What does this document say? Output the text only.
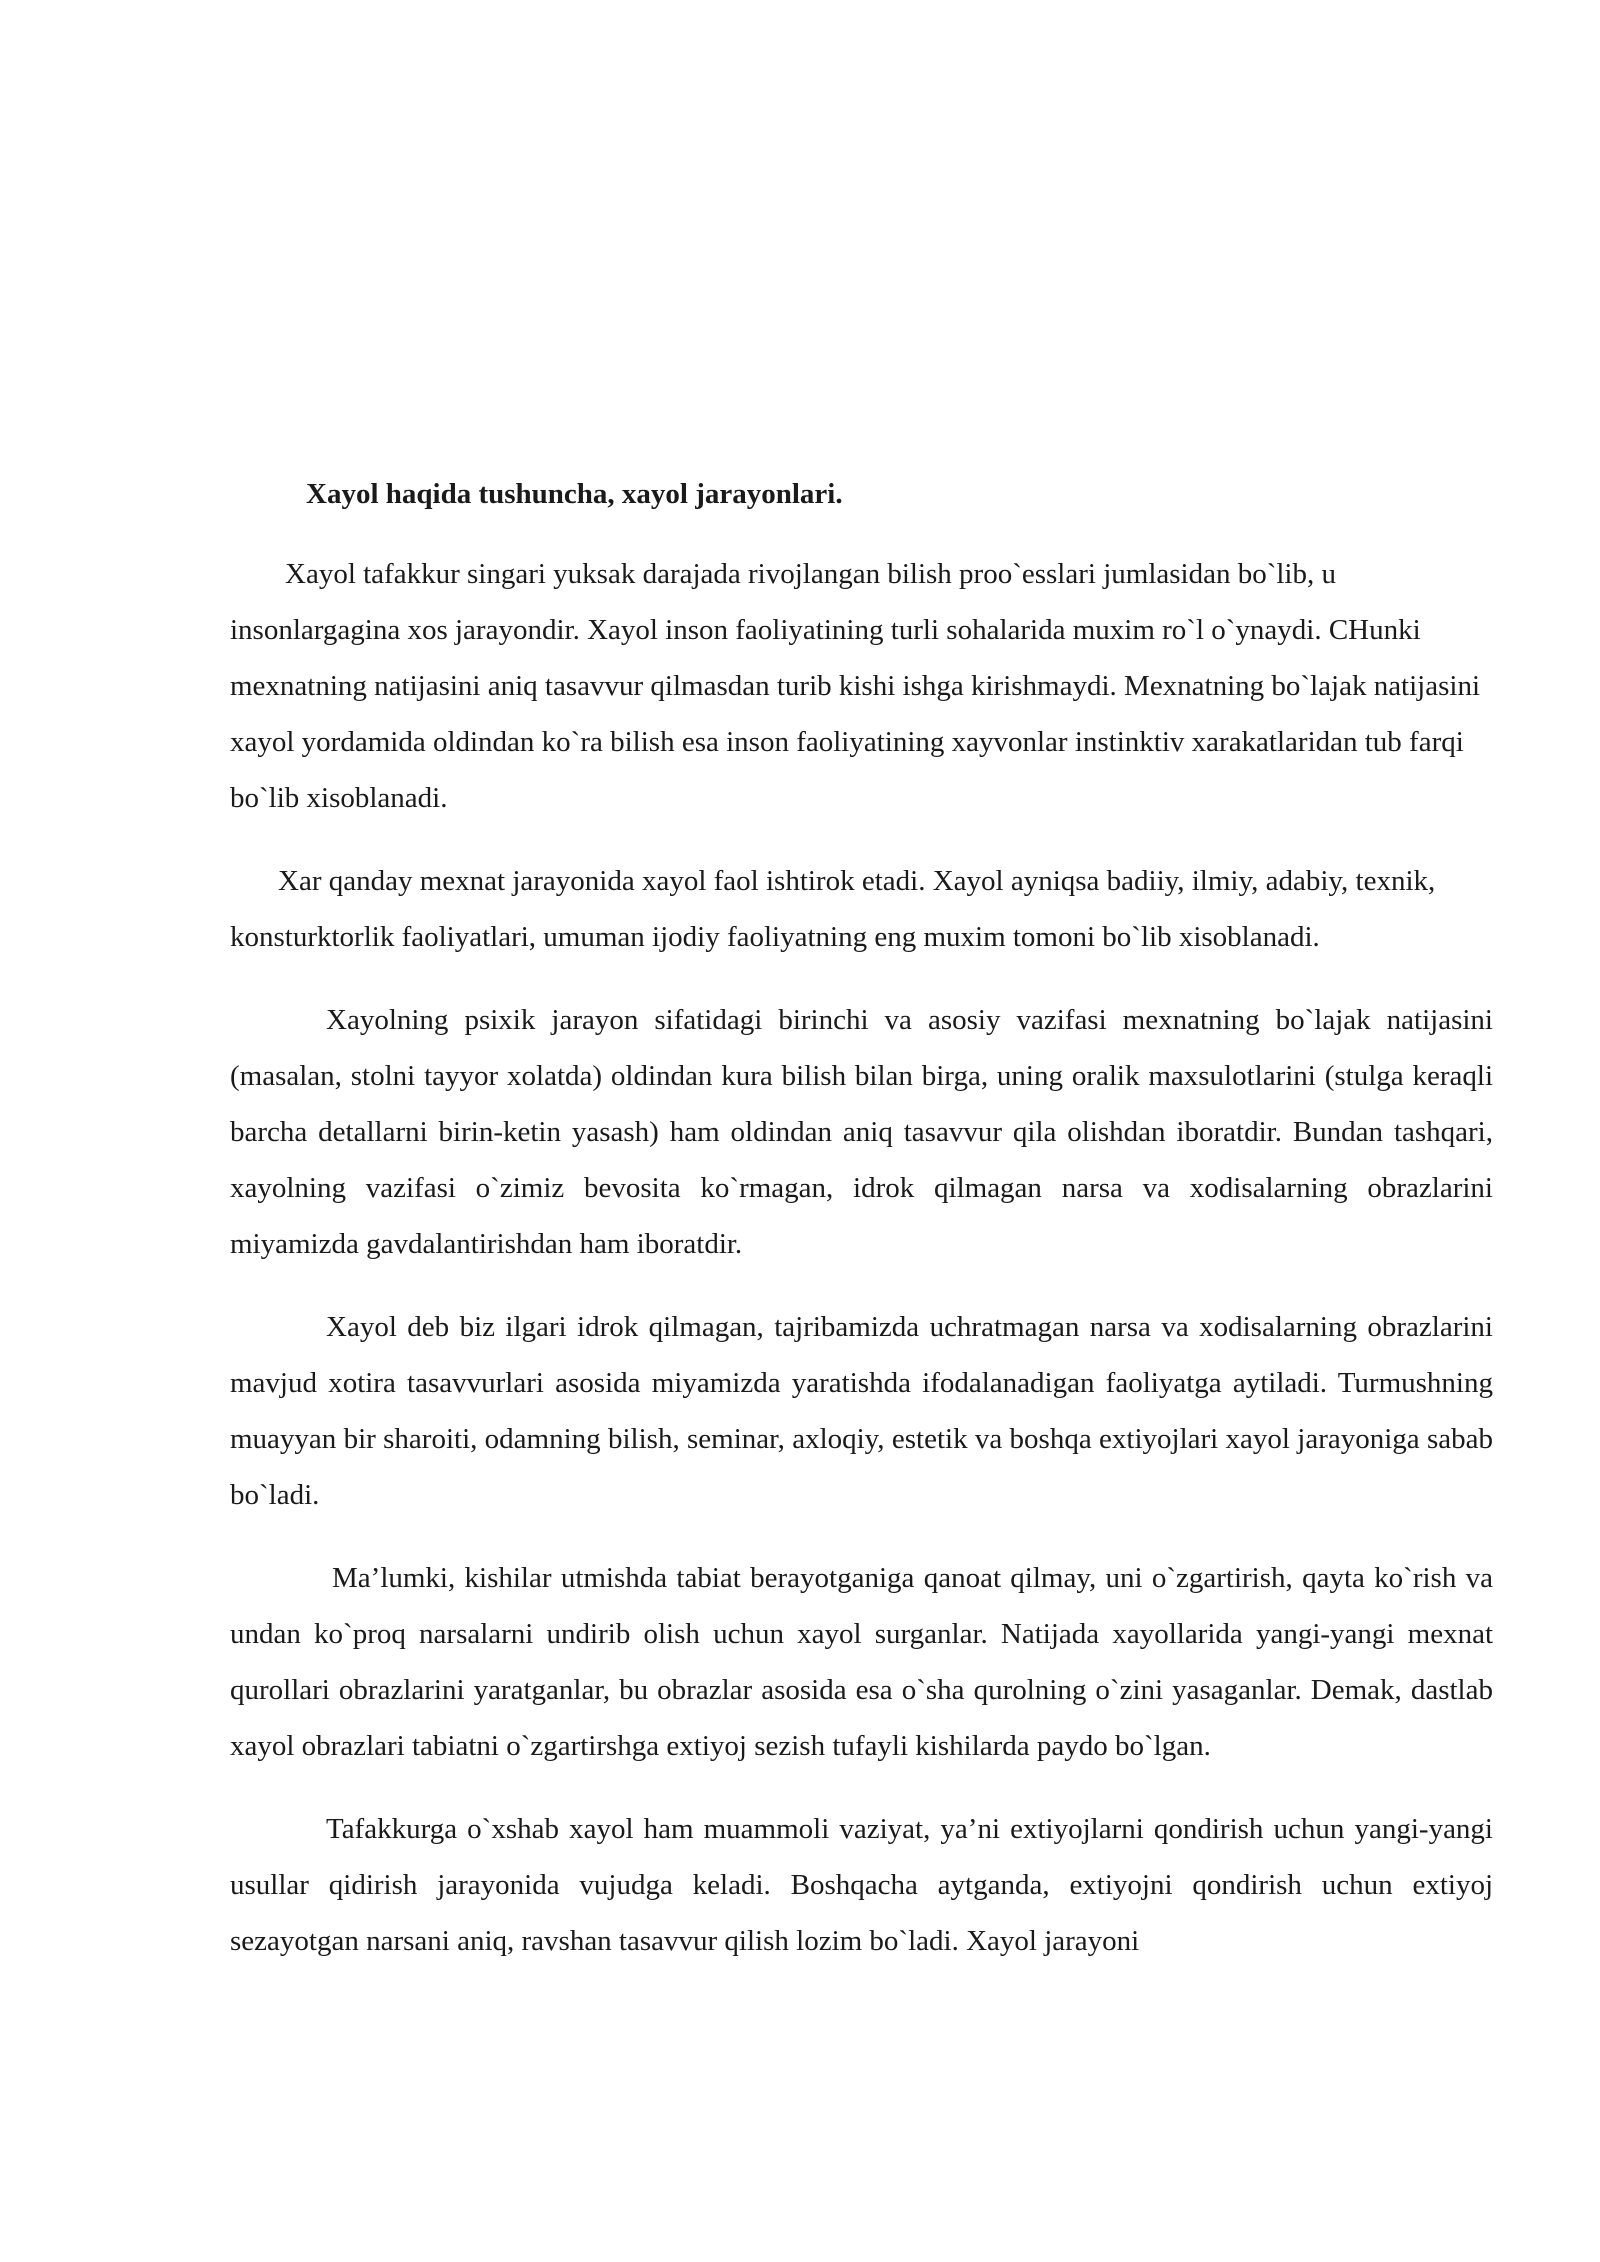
Xayol haqida tushuncha, xayol jarayonlari.

Xayol tafakkur singari yuksak darajada rivojlangan bilish proo`esslari jumlasidan bo`lib, u insonlargagina xos jarayondir. Xayol inson faoliyatining turli sohalarida muxim ro`l o`ynaydi. CHunki mexnatning natijasini aniq tasavvur qilmasdan turib kishi ishga kirishmaydi. Mexnatning bo`lajak natijasini xayol yordamida oldindan ko`ra bilish esa inson faoliyatining xayvonlar instinktiv xarakatlaridan tub farqi bo`lib xisoblanadi.

Xar qanday mexnat jarayonida xayol faol ishtirok etadi. Xayol ayniqsa badiiy, ilmiy, adabiy, texnik, konsturktorlik faoliyatlari, umuman ijodiy faoliyatning eng muxim tomoni bo`lib xisoblanadi.

Xayolning psixik jarayon sifatidagi birinchi va asosiy vazifasi mexnatning bo`lajak natijasini (masalan, stolni tayyor xolatda) oldindan kura bilish bilan birga, uning oralik maxsulotlarini (stulga keraqli barcha detallarni birin-ketin yasash) ham oldindan aniq tasavvur qila olishdan iboratdir. Bundan tashqari, xayolning vazifasi o`zimiz bevosita ko`rmagan, idrok qilmagan narsa va xodisalarning obrazlarini miyamizda gavdalantirishdan ham iboratdir.

Xayol deb biz ilgari idrok qilmagan, tajribamizda uchratmagan narsa va xodisalarning obrazlarini mavjud xotira tasavvurlari asosida miyamizda yaratishda ifodalanadigan faoliyatga aytiladi. Turmushning muayyan bir sharoiti, odamning bilish, seminar, axloqiy, estetik va boshqa extiyojlari xayol jarayoniga sabab bo`ladi.

Ma’lumki, kishilar utmishda tabiat berayotganiga qanoat qilmay, uni o`zgartirish, qayta ko`rish va undan ko`proq narsalarni undirib olish uchun xayol surganlar. Natijada xayollarida yangi-yangi mexnat qurollari obrazlarini yaratganlar, bu obrazlar asosida esa o`sha qurolning o`zini yasaganlar. Demak, dastlab xayol obrazlari tabiatni o`zgartirshga extiyoj sezish tufayli kishilarda paydo bo`lgan.

Tafakkurga o`xshab xayol ham muammoli vaziyat, ya’ni extiyojlarni qondirish uchun yangi-yangi usullar qidirish jarayonida vujudga keladi. Boshqacha aytganda, extiyojni qondirish uchun extiyoj sezayotgan narsani aniq, ravshan tasavvur qilish lozim bo`ladi. Xayol jarayoni
